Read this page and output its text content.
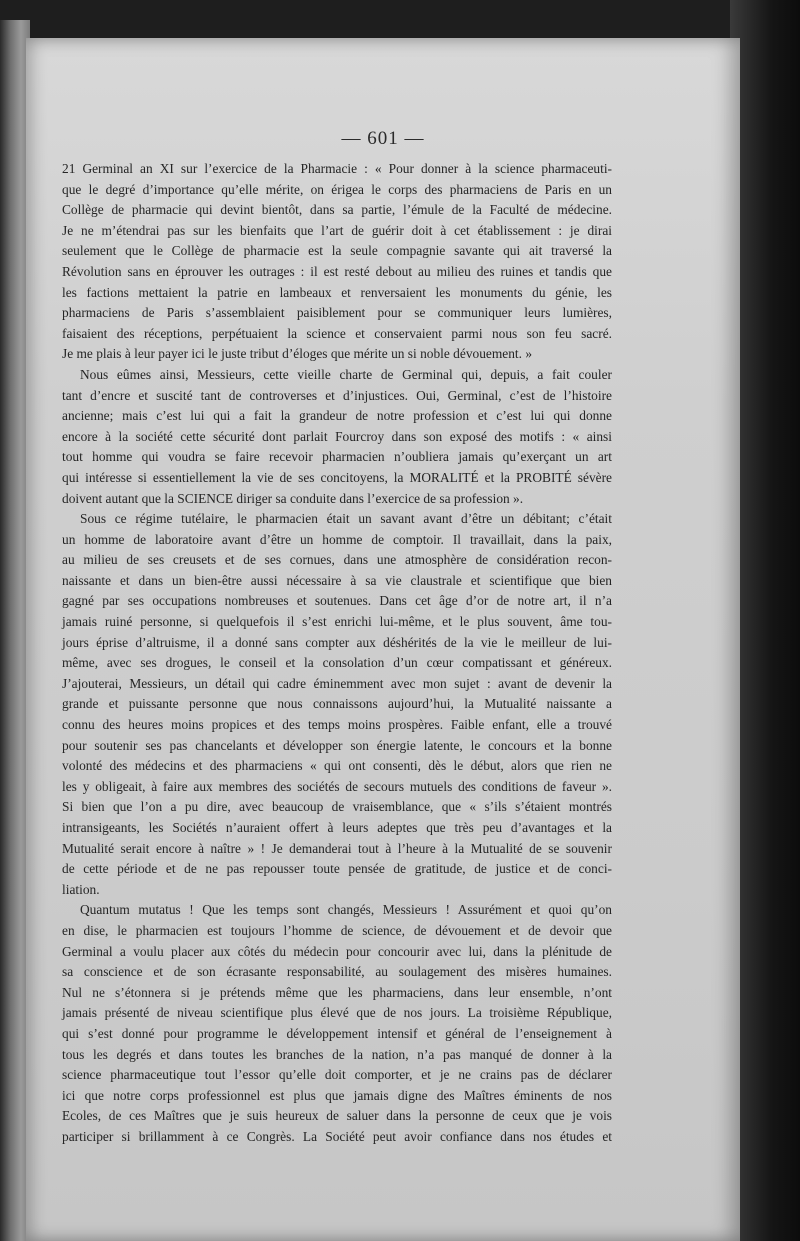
— 601 —
21 Germinal an XI sur l’exercice de la Pharmacie : « Pour donner à la science pharmaceuti-
que le degré d’importance qu’elle mérite, on érigea le corps des pharmaciens de Paris en un
Collège de pharmacie qui devint bientôt, dans sa partie, l’émule de la Faculté de médecine.
Je ne m’étendrai pas sur les bienfaits que l’art de guérir doit à cet établissement : je dirai
seulement que le Collège de pharmacie est la seule compagnie savante qui ait traversé la
Révolution sans en éprouver les outrages : il est resté debout au milieu des ruines et tandis que
les factions mettaient la patrie en lambeaux et renversaient les monuments du génie, les
pharmaciens de Paris s’assemblaient paisiblement pour se communiquer leurs lumières,
faisaient des réceptions, perpétuaient la science et conservaient parmi nous son feu sacré.
Je me plais à leur payer ici le juste tribut d’éloges que mérite un si noble dévouement. »
Nous eûmes ainsi, Messieurs, cette vieille charte de Germinal qui, depuis, a fait couler
tant d’encre et suscité tant de controverses et d’injustices. Oui, Germinal, c’est de l’histoire
ancienne; mais c’est lui qui a fait la grandeur de notre profession et c’est lui qui donne
encore à la société cette sécurité dont parlait Fourcroy dans son exposé des motifs : « ainsi
tout homme qui voudra se faire recevoir pharmacien n’oubliera jamais qu’exerçant un art
qui intéresse si essentiellement la vie de ses concitoyens, la MORALITÉ et la PROBITÉ sévère
doivent autant que la SCIENCE diriger sa conduite dans l’exercice de sa profession ».
Sous ce régime tutélaire, le pharmacien était un savant avant d’être un débitant; c’était
un homme de laboratoire avant d’être un homme de comptoir. Il travaillait, dans la paix,
au milieu de ses creusets et de ses cornues, dans une atmosphère de considération recon-
naissante et dans un bien-être aussi nécessaire à sa vie claustrale et scientifique que bien
gagné par ses occupations nombreuses et soutenues. Dans cet âge d’or de notre art, il n’a
jamais ruiné personne, si quelquefois il s’est enrichi lui-même, et le plus souvent, âme tou-
jours éprise d’altruisme, il a donné sans compter aux déshérités de la vie le meilleur de lui-
même, avec ses drogues, le conseil et la consolation d’un cœur compatissant et généreux.
J’ajouterai, Messieurs, un détail qui cadre éminemment avec mon sujet : avant de devenir la
grande et puissante personne que nous connaissons aujourd’hui, la Mutualité naissante a
connu des heures moins propices et des temps moins prospères. Faible enfant, elle a trouvé
pour soutenir ses pas chancelants et développer son énergie latente, le concours et la bonne
volonté des médecins et des pharmaciens « qui ont consenti, dès le début, alors que rien ne
les y obligeait, à faire aux membres des sociétés de secours mutuels des conditions de faveur ».
Si bien que l’on a pu dire, avec beaucoup de vraisemblance, que « s’ils s’étaient montrés
intransigeants, les Sociétés n’auraient offert à leurs adeptes que très peu d’avantages et la
Mutualité serait encore à naître » ! Je demanderai tout à l’heure à la Mutualité de se souvenir
de cette période et de ne pas repousser toute pensée de gratitude, de justice et de conci-
liation.
Quantum mutatus ! Que les temps sont changés, Messieurs ! Assurément et quoi qu’on
en dise, le pharmacien est toujours l’homme de science, de dévouement et de devoir que
Germinal a voulu placer aux côtés du médecin pour concourir avec lui, dans la plénitude de
sa conscience et de son écrasante responsabilité, au soulagement des misères humaines.
Nul ne s’étonnera si je prétends même que les pharmaciens, dans leur ensemble, n’ont
jamais présenté de niveau scientifique plus élevé que de nos jours. La troisième République,
qui s’est donné pour programme le développement intensif et général de l’enseignement à
tous les degrés et dans toutes les branches de la nation, n’a pas manqué de donner à la
science pharmaceutique tout l’essor qu’elle doit comporter, et je ne crains pas de déclarer
ici que notre corps professionnel est plus que jamais digne des Maîtres éminents de nos
Ecoles, de ces Maîtres que je suis heureux de saluer dans la personne de ceux que je vois
participer si brillamment à ce Congrès. La Société peut avoir confiance dans nos études et
